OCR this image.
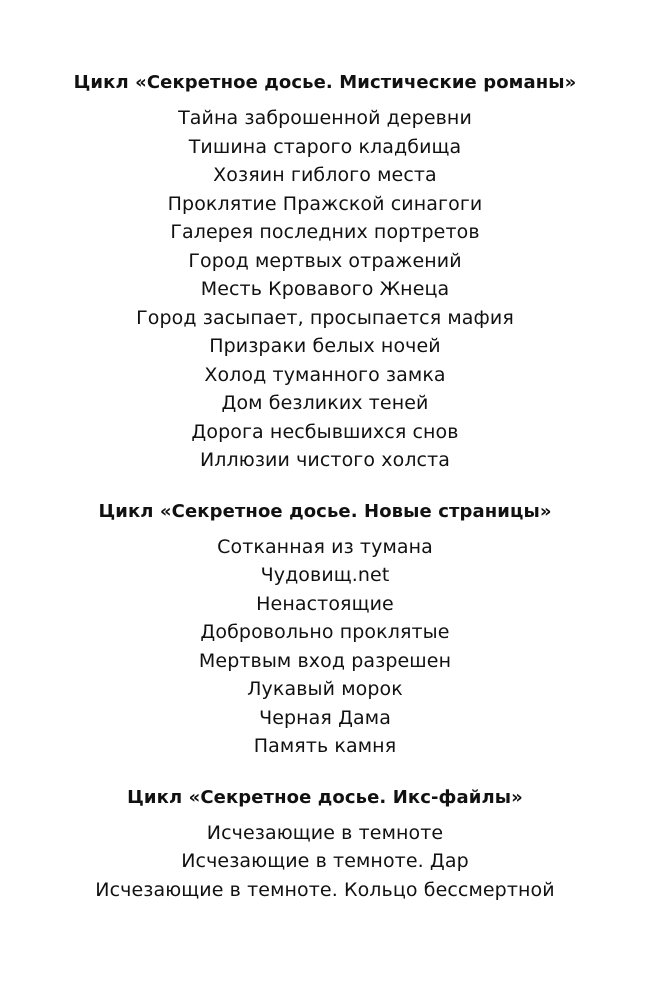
Цикл «Секретное досье. Мистические романы»
Тайна заброшенной деревни
Тишина старого кладбища
Хозяин гиблого места
Проклятие Пражской синагоги
Галерея последних портретов
Город мертвых отражений
Месть Кровавого Жнеца
Город засыпает, просыпается мафия
Призраки белых ночей
Холод туманного замка
Дом безликих теней
Дорога несбывшихся снов
Иллюзии чистого холста
Цикл «Секретное досье. Новые страницы»
Сотканная из тумана
Чудовищ.net
Ненастоящие
Добровольно проклятые
Мертвым вход разрешен
Лукавый морок
Черная Дама
Память камня
Цикл «Секретное досье. Икс-файлы»
Исчезающие в темноте
Исчезающие в темноте. Дар
Исчезающие в темноте. Кольцо бессмертной
